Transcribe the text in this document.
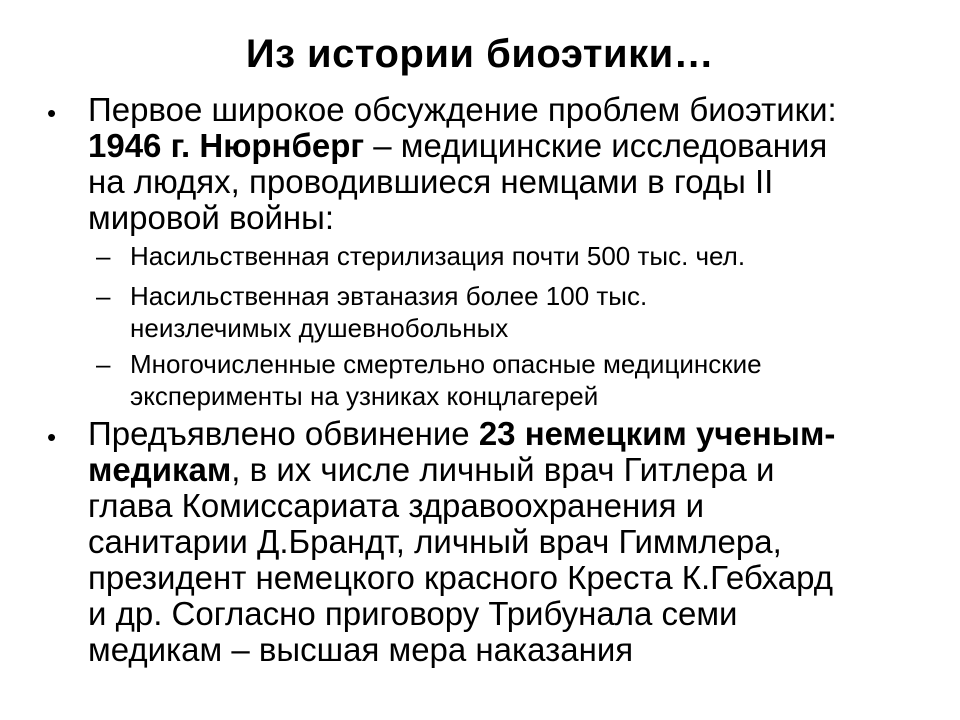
Из истории биоэтики…
• Первое широкое обсуждение проблем биоэтики:
1946 г. Нюрнберг – медицинские исследования
на людях, проводившиеся немцами в годы II
мировой войны:
– Насильственная стерилизация почти 500 тыс. чел.
– Насильственная эвтаназия более 100 тыс.
неизлечимых душевнобольных
– Многочисленные смертельно опасные медицинские
эксперименты на узниках концлагерей
• Предъявлено обвинение 23 немецким ученым-
медикам, в их числе личный врач Гитлера и
глава Комиссариата здравоохранения и
санитарии Д.Брандт, личный врач Гиммлера,
президент немецкого красного Креста К.Гебхард
и др. Согласно приговору Трибунала семи
медикам – высшая мера наказания
